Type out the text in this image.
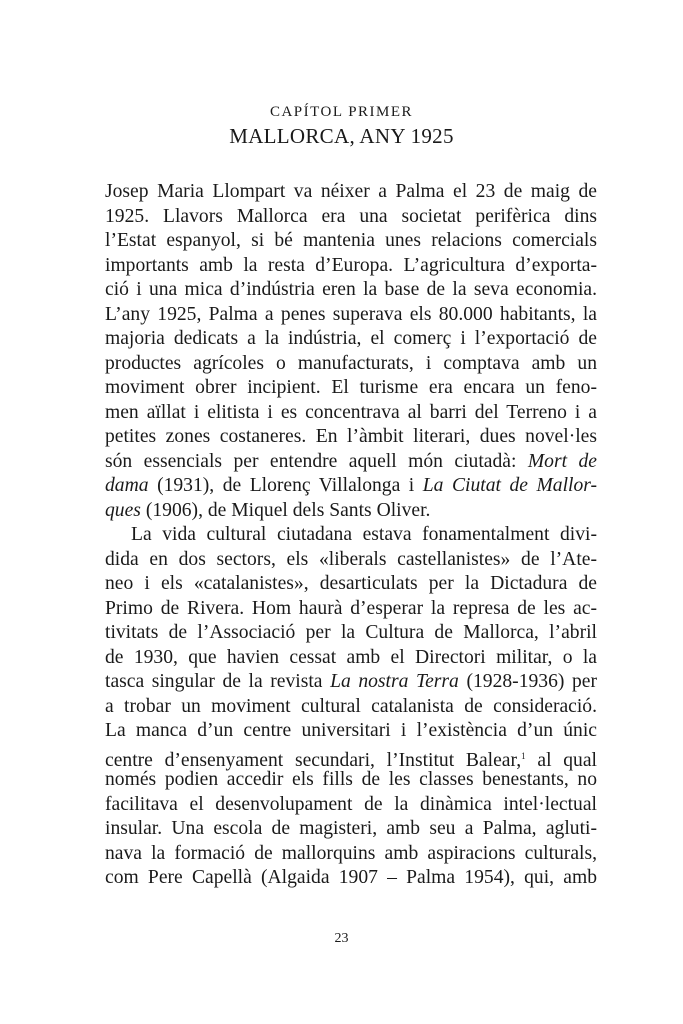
CAPÍTOL PRIMER
MALLORCA, ANY 1925
Josep Maria Llompart va néixer a Palma el 23 de maig de
1925. Llavors Mallorca era una societat perifèrica dins
l’Estat espanyol, si bé mantenia unes relacions comercials
importants amb la resta d’Europa. L’agricultura d’exporta-
ció i una mica d’indústria eren la base de la seva economia.
L’any 1925, Palma a penes superava els 80.000 habitants, la
majoria dedicats a la indústria, el comerç i l’exportació de
productes agrícoles o manufacturats, i comptava amb un
moviment obrer incipient. El turisme era encara un feno-
men aïllat i elitista i es concentrava al barri del Terreno i a
petites zones costaneres. En l’àmbit literari, dues novel·les
són essencials per entendre aquell món ciutadà: Mort de
dama (1931), de Llorenç Villalonga i La Ciutat de Mallor-
ques (1906), de Miquel dels Sants Oliver.
La vida cultural ciutadana estava fonamentalment divi-
dida en dos sectors, els «liberals castellanistes» de l’Ate-
neo i els «catalanistes», desarticulats per la Dictadura de
Primo de Rivera. Hom haurà d’esperar la represa de les ac-
tivitats de l’Associació per la Cultura de Mallorca, l’abril
de 1930, que havien cessat amb el Directori militar, o la
tasca singular de la revista La nostra Terra (1928-1936) per
a trobar un moviment cultural catalanista de consideració.
La manca d’un centre universitari i l’existència d’un únic
centre d’ensenyament secundari, l’Institut Balear,$^1$ al qual
només podien accedir els fills de les classes benestants, no
facilitava el desenvolupament de la dinàmica intel·lectual
insular. Una escola de magisteri, amb seu a Palma, agluti-
nava la formació de mallorquins amb aspiracions culturals,
com Pere Capellà (Algaida 1907 – Palma 1954), qui, amb
23
